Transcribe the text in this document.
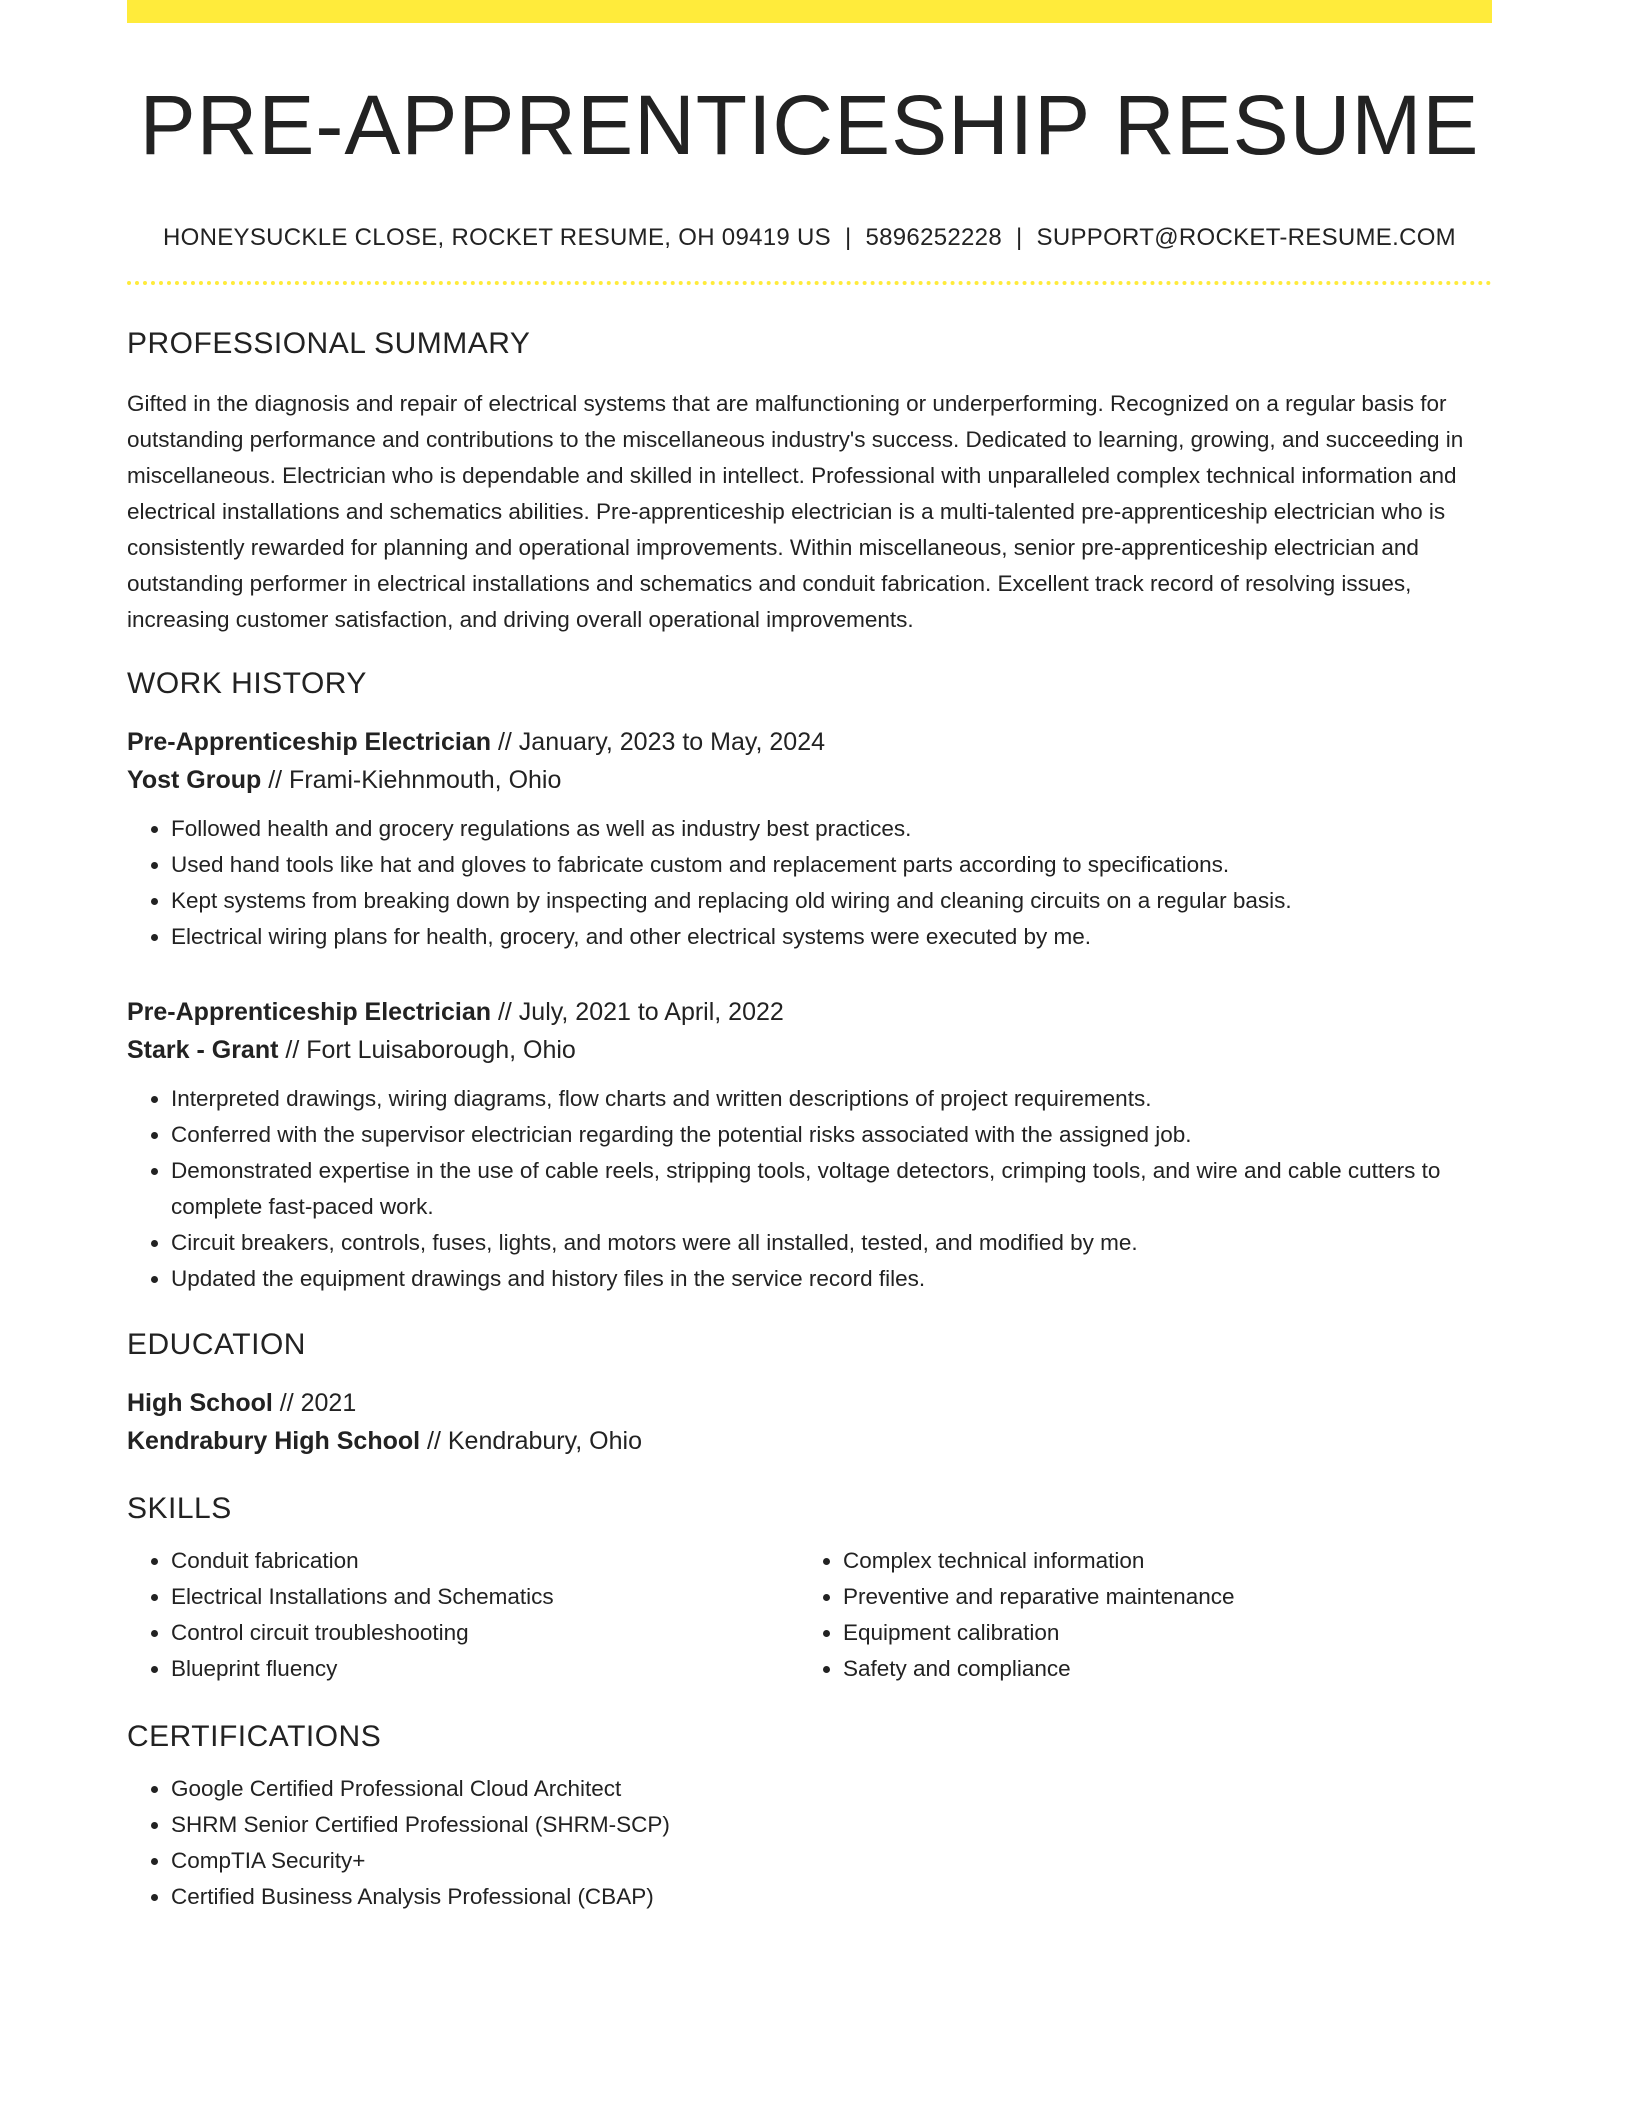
PRE-APPRENTICESHIP RESUME
HONEYSUCKLE CLOSE, ROCKET RESUME, OH 09419 US | 5896252228 | SUPPORT@ROCKET-RESUME.COM
PROFESSIONAL SUMMARY

Gifted in the diagnosis and repair of electrical systems that are malfunctioning or underperforming. Recognized on a regular basis for outstanding performance and contributions to the miscellaneous industry's success. Dedicated to learning, growing, and succeeding in miscellaneous. Electrician who is dependable and skilled in intellect. Professional with unparalleled complex technical information and electrical installations and schematics abilities. Pre-apprenticeship electrician is a multi-talented pre-apprenticeship electrician who is consistently rewarded for planning and operational improvements. Within miscellaneous, senior pre-apprenticeship electrician and outstanding performer in electrical installations and schematics and conduit fabrication. Excellent track record of resolving issues, increasing customer satisfaction, and driving overall operational improvements.

WORK HISTORY

Pre-Apprenticeship Electrician // January, 2023 to May, 2024

Yost Group // Frami-Kiehnmouth, Ohio

• Followed health and grocery regulations as well as industry best practices.
• Used hand tools like hat and gloves to fabricate custom and replacement parts according to specifications.
• Kept systems from breaking down by inspecting and replacing old wiring and cleaning circuits on a regular basis.
• Electrical wiring plans for health, grocery, and other electrical systems were executed by me.

Pre-Apprenticeship Electrician // July, 2021 to April, 2022

Stark - Grant // Fort Luisaborough, Ohio

• Interpreted drawings, wiring diagrams, flow charts and written descriptions of project requirements.
• Conferred with the supervisor electrician regarding the potential risks associated with the assigned job.
• Demonstrated expertise in the use of cable reels, stripping tools, voltage detectors, crimping tools, and wire and cable cutters to complete fast-paced work.
• Circuit breakers, controls, fuses, lights, and motors were all installed, tested, and modified by me.
• Updated the equipment drawings and history files in the service record files.
EDUCATION

High School // 2021

Kendrabury High School // Kendrabury, Ohio

SKILLS
• Conduit fabrication
• Electrical Installations and Schematics
• Control circuit troubleshooting
• Blueprint fluency
• Complex technical information
• Preventive and reparative maintenance
• Equipment calibration
• Safety and compliance
CERTIFICATIONS
• Google Certified Professional Cloud Architect
• SHRM Senior Certified Professional (SHRM-SCP)
• CompTIA Security+
• Certified Business Analysis Professional (CBAP)
